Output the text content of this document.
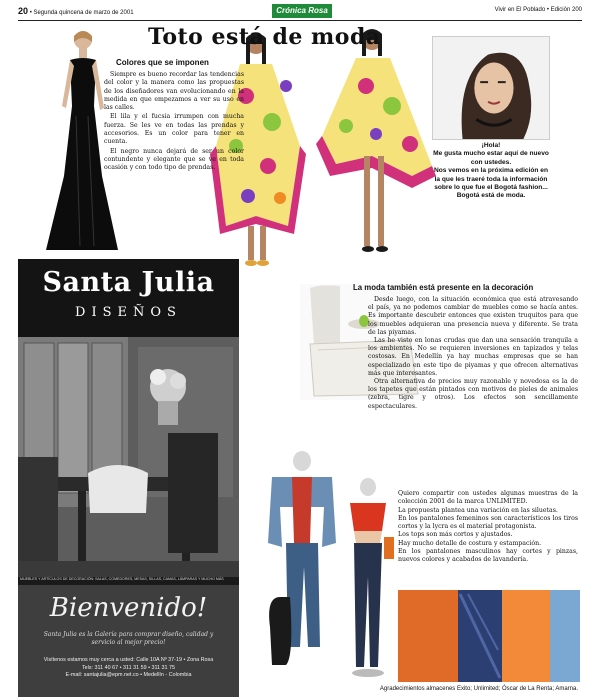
20 • Segunda quincena de marzo de 2001	Crónica Rosa	Vivir en El Poblado • Edición 200
Toto está de moda
Colores que se imponen

Siempre es bueno recordar las tendencias del color y la manera como las propuestas de los diseñadores van evolucionando en la medida en que empezamos a ver su uso en las calles.

El lila y el fucsia irrumpen con mucha fuerza. Se les ve en todas las prendas y accesorios. Es un color para tener en cuenta.

El negro nunca dejará de ser un color contundente y elegante que se ve en toda ocasión y con todo tipo de prendas.

¡Hola!
Me gusta mucho estar aquí de nuevo con ustedes.
Nos vemos en la próxima edición en la que les traeré toda la información sobre lo que fue el Bogotá fashion... Bogotá está de moda.
Santa Julia
DISEÑOS
MUEBLES Y ARTÍCULOS DE DECORACIÓN: SALAS, COMEDORES, MESAS, SILLAS, CAMAS, LÁMPARAS Y MUCHO MÁS
Bienvenido!
Santa Julia es la Galería para comprar diseño, calidad y servicio al mejor precio!
Visítenos estamos muy cerca a usted: Calle 10A Nº 37-19 • Zona Rosa
Tels: 311 40 67 • 311 31 59 • 311 31 75
E-mail: santajulia@epm.net.co • Medellín - Colombia
La moda también está presente en la decoración

Desde luego, con la situación económica que está atravesando el país, ya no podemos cambiar de muebles como se hacía antes. Es importante descubrir entonces que existen truquitos para que los muebles adquieran una presencia nueva y diferente. Se trata de las piyamas.

Las he visto en lonas crudas que dan una sensación tranquila a los ambientes. No se requieren inversiones en tapizados y telas costosas. En Medellín ya hay muchas empresas que se han especializado en este tipo de piyamas y que ofrecen alternativas más que interesantes.

Otra alternativa de precios muy razonable y novedosa es la de los tapetes que están pintados con motivos de pieles de animales (zebra, tigre y otros). Los efectos son sencillamente espectaculares.

Quiero compartir con ustedes algunas muestras de la colección 2001 de la marca UNLIMITED.

La propuesta plantea una variación en las siluetas.

En los pantalones femeninos son característicos los tiros cortos y la lycra es el material protagonista.

Los tops son más cortos y ajustados.

Hay mucho detalle de costura y estampación.

En los pantalones masculinos hay cortes y pinzas, nuevos colores y acabados de lavandería.

Agradecimientos almacenes Exito; Unlimited; Óscar de La Renta; Amarna.
